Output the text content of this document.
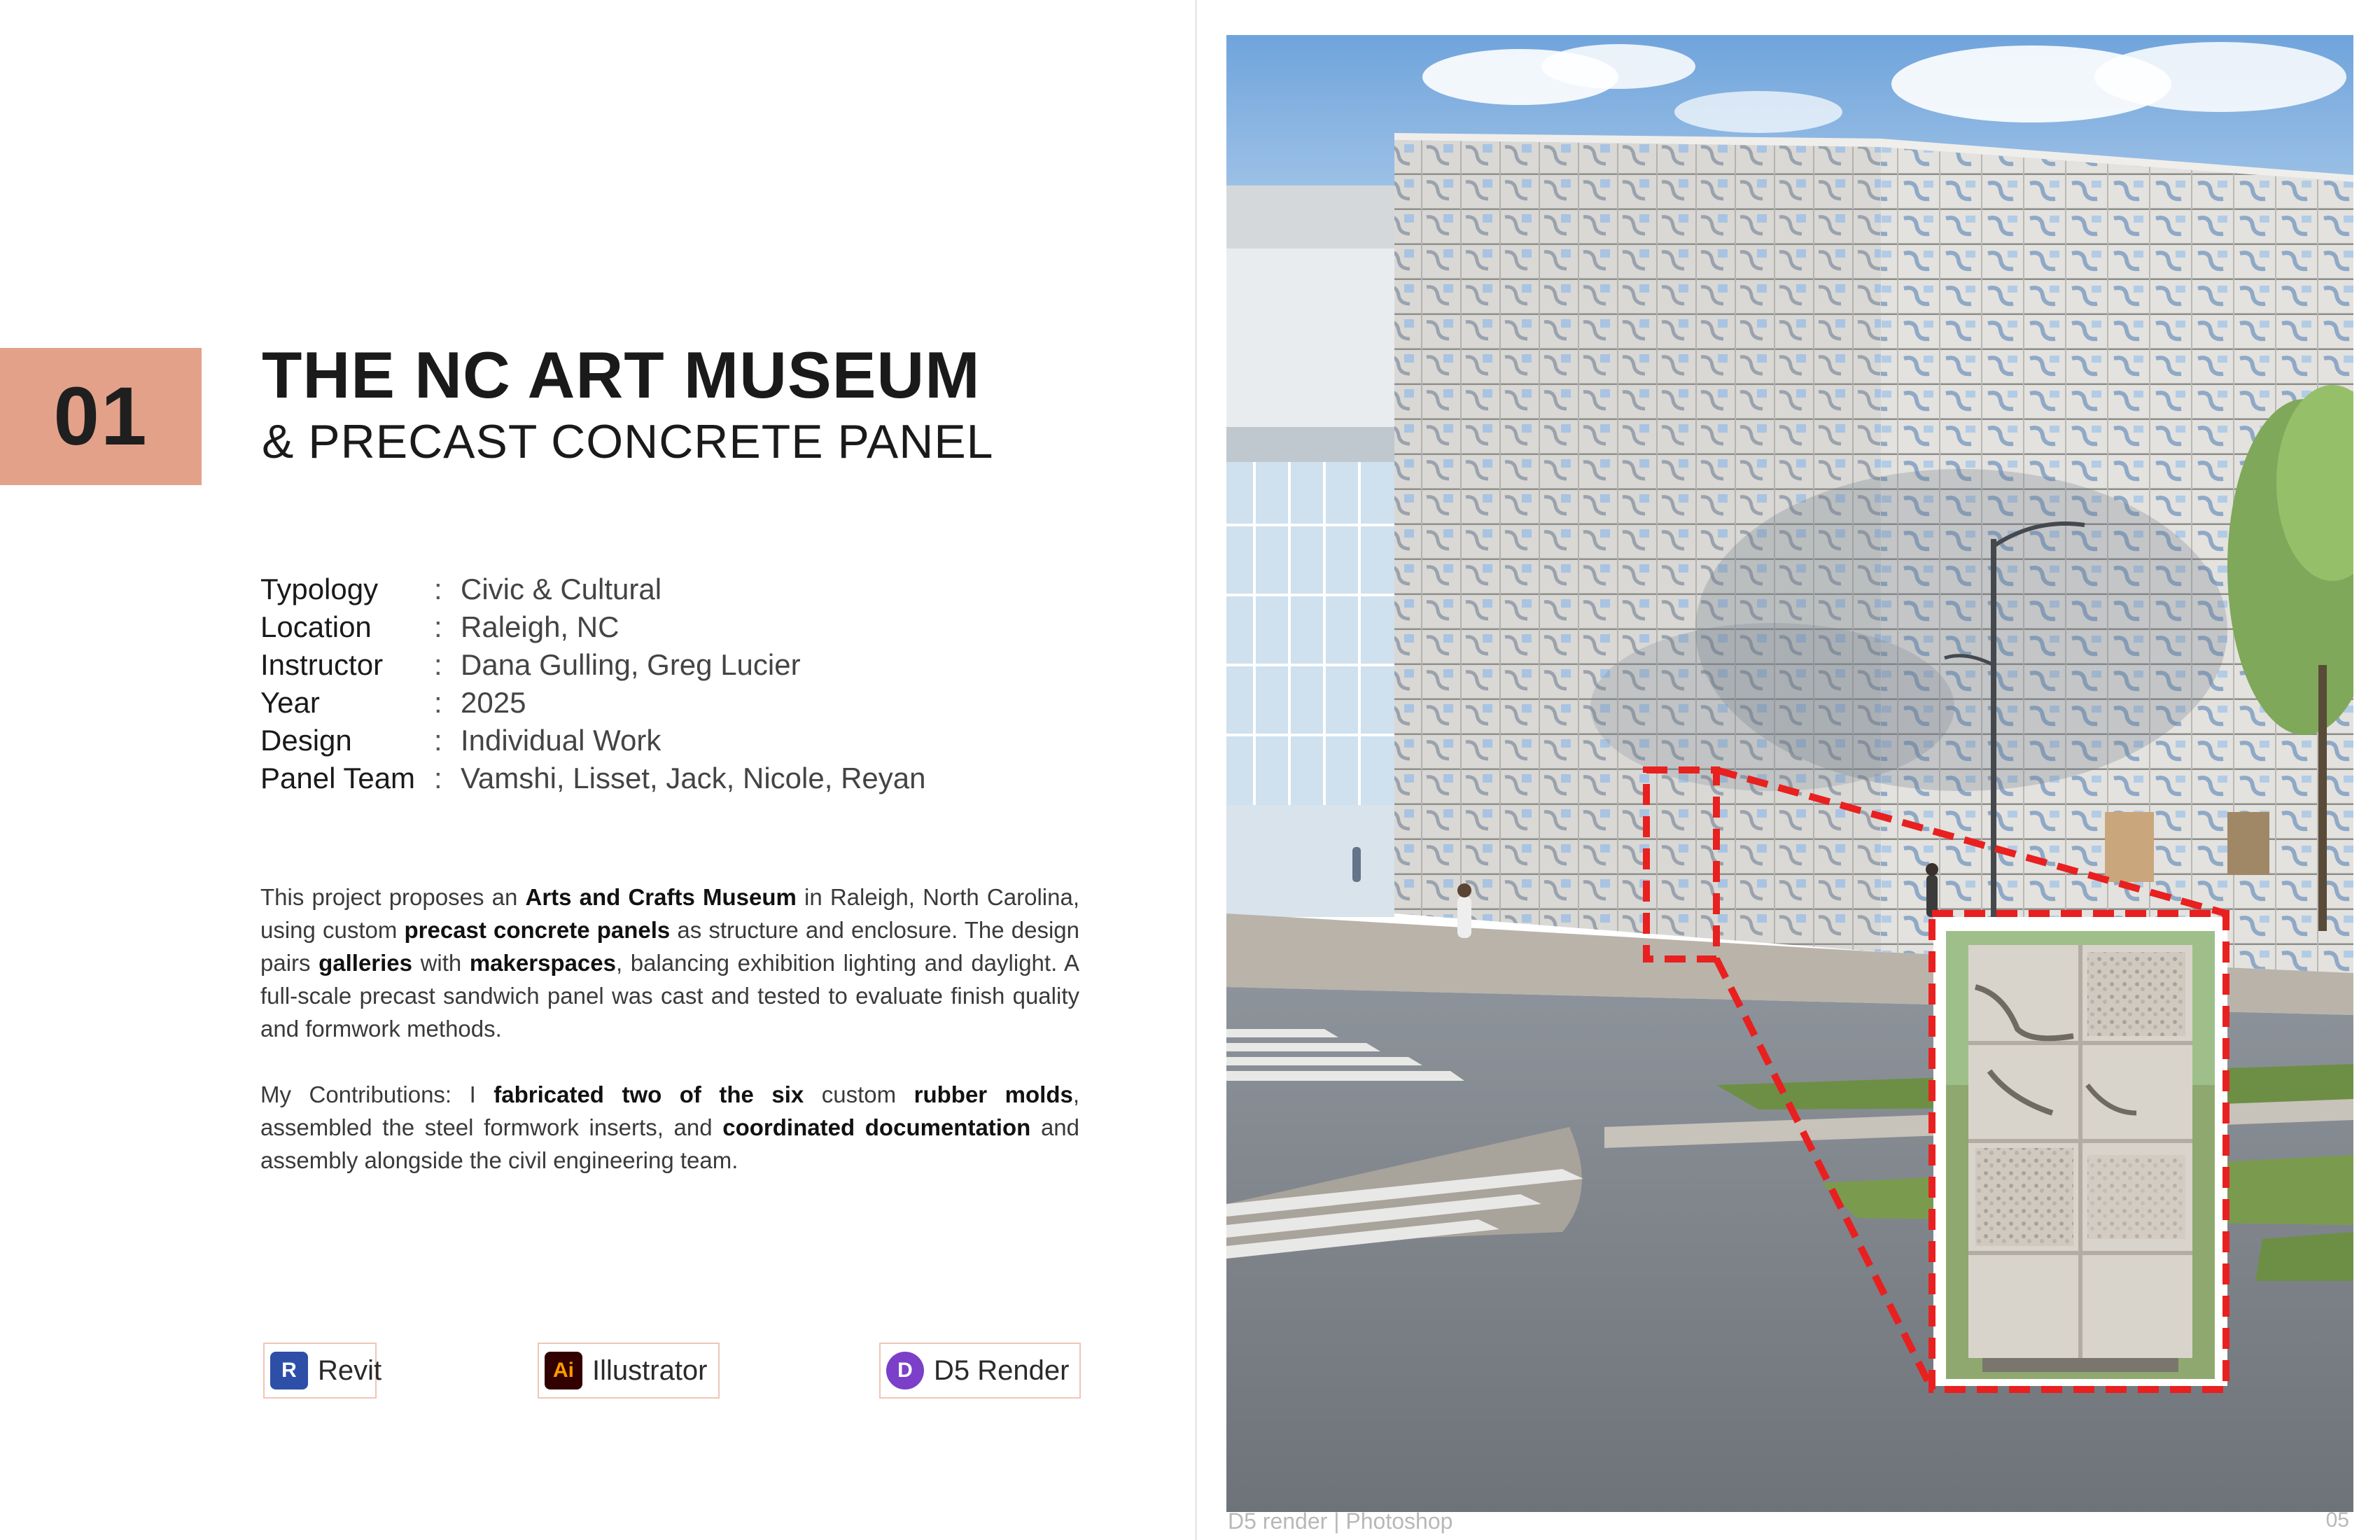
01 THE NC ART MUSEUM
& PRECAST CONCRETE PANEL
Typology	: Civic & Cultural
Location	: Raleigh, NC
Instructor	: Dana Gulling, Greg Lucier
Year	: 2025
Design	: Individual Work
Panel Team : Vamshi, Lisset, Jack, Nicole, Reyan

This project proposes an Arts and Crafts Museum in Raleigh, North Carolina, using custom precast concrete panels as structure and enclosure. The design pairs galleries with makerspaces, balancing exhibition lighting and daylight. A full-scale precast sandwich panel was cast and tested to evaluate finish quality and formwork methods.

My Contributions: I fabricated two of the six custom rubber molds, assembled the steel formwork inserts, and coordinated documentation and assembly alongside the civil engineering team.

R Revit	Ai Illustrator	D D5 Render
D5 render | Photoshop	05
